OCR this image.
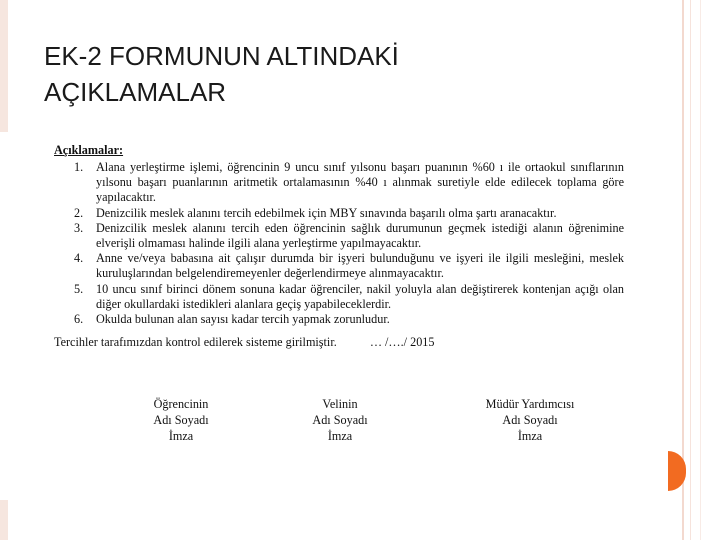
EK-2 FORMUNUN ALTINDAKİ
AÇIKLAMALAR
Açıklamalar:
1.	Alana yerleştirme işlemi, öğrencinin 9 uncu sınıf yılsonu başarı puanının %60 ı ile ortaokul sınıflarının yılsonu başarı puanlarının aritmetik ortalamasının %40 ı alınmak suretiyle elde edilecek toplama göre yapılacaktır.
2.	Denizcilik meslek alanını tercih edebilmek için MBY sınavında başarılı olma şartı aranacaktır.
3.	Denizcilik meslek alanını tercih eden öğrencinin sağlık durumunun geçmek istediği alanın öğrenimine elverişli olmaması halinde ilgili alana yerleştirme yapılmayacaktır.
4.	Anne ve/veya babasına ait çalışır durumda bir işyeri bulunduğunu ve işyeri ile ilgili mesleğini, meslek kuruluşlarından belgelendiremeyenler değerlendirmeye alınmayacaktır.
5.	10 uncu sınıf birinci dönem sonuna kadar öğrenciler, nakil yoluyla alan değiştirerek kontenjan açığı olan diğer okullardaki istedikleri alanlara geçiş yapabileceklerdir.
6.	Okulda bulunan alan sayısı kadar tercih yapmak zorunludur.
Tercihler tarafımızdan kontrol edilerek sisteme girilmiştir.	… /…./ 2015
Öğrencinin
Adı Soyadı
İmza
Velinin
Adı Soyadı
İmza
Müdür Yardımcısı
Adı Soyadı
İmza
